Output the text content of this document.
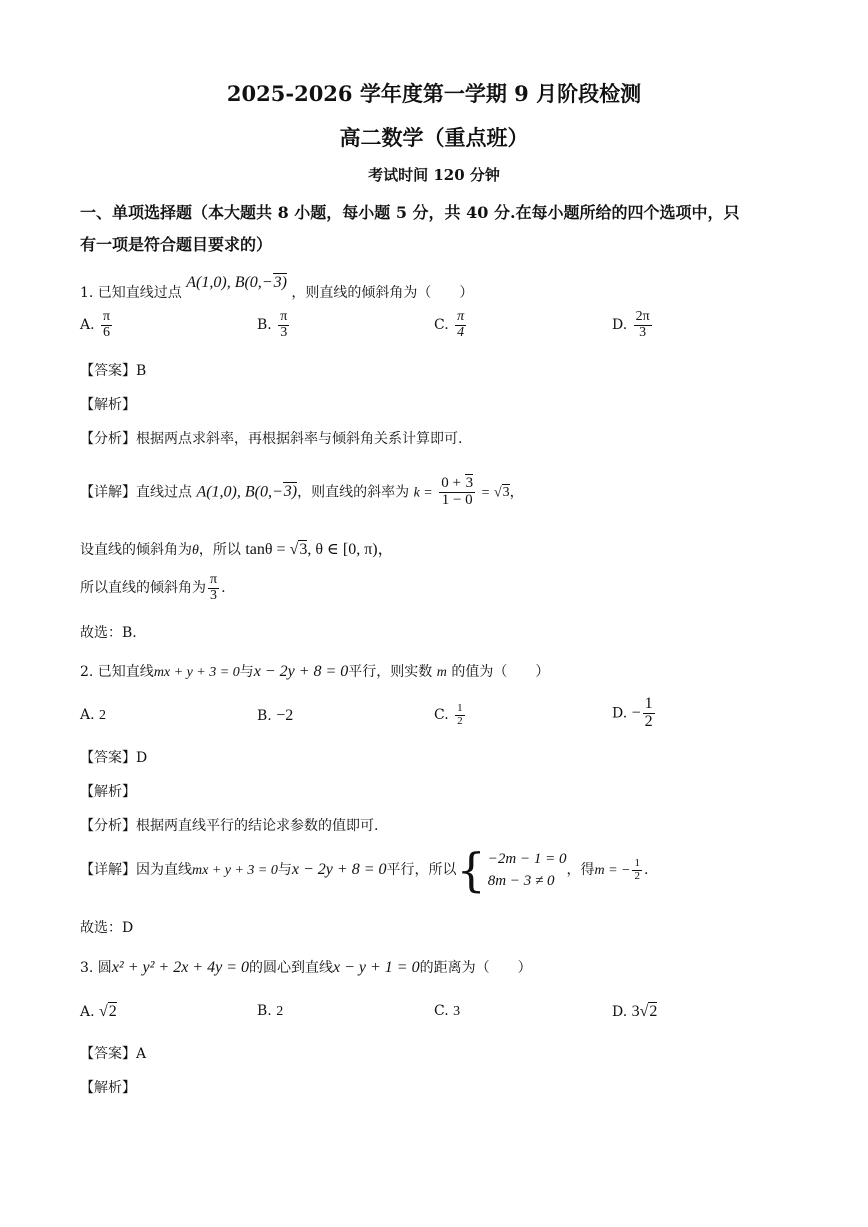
2025-2026 学年度第一学期 9 月阶段检测
高二数学（重点班）
考试时间 120 分钟
一、单项选择题（本大题共 8 小题，每小题 5 分，共 40 分.在每小题所给的四个选项中，只
有一项是符合题目要求的）
1. 已知直线过点 A(1,0), B(0,−3) ，则直线的倾斜角为（　　）
A. $\frac{\pi}{6}$	B. $\frac{\pi}{3}$	C. $\frac{\pi}{4}$	D. $\frac{2\pi}{3}$
【答案】B
【解析】
【分析】根据两点求斜率，再根据斜率与倾斜角关系计算即可.
【详解】直线过点 A(1,0), B(0,−3)，则直线的斜率为 $k = \frac{0 + 3}{1 - 0} = √3$，
设直线的倾斜角为θ，所以 tanθ = √3, θ ∈ [0, π)，
所以直线的倾斜角为 $\frac{\pi}{3}$ .
故选：B.
2. 已知直线mx + y + 3 = 0与x − 2y + 8 = 0平行，则实数 m 的值为（　　）
A. 2	B. −2	C. $\frac{1}{2}$	D. − $\frac{1}{2}$
【答案】D
【解析】
【分析】根据两直线平行的结论求参数的值即可.
【详解】因为直线mx + y + 3 = 0与x − 2y + 8 = 0平行，所以{ −2m − 1 = 0
8m − 3 ≠ 0
，得m = − $\frac{1}{2}$ .
故选：D
3. 圆x² + y² + 2x + 4y = 0的圆心到直线x − y + 1 = 0的距离为（　　）
A. √2	B. 2	C. 3	D. 3√2
【答案】A
【解析】
